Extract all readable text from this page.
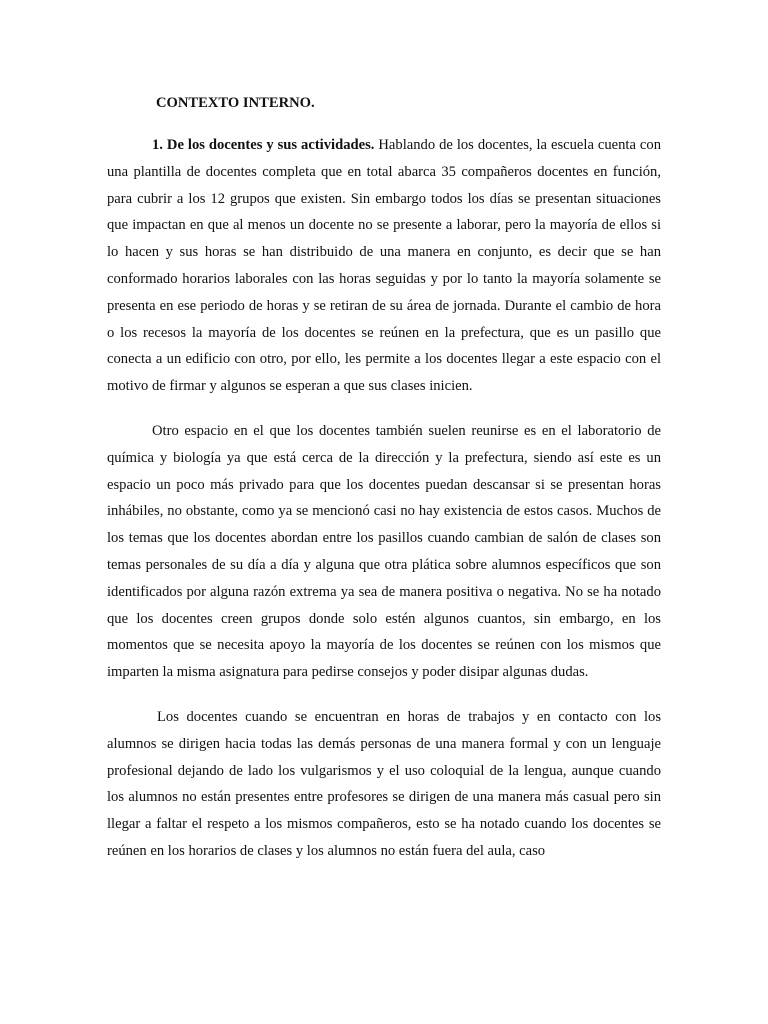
CONTEXTO INTERNO.

1. De los docentes y sus actividades. Hablando de los docentes, la escuela cuenta con una plantilla de docentes completa que en total abarca 35 compañeros docentes en función, para cubrir a los 12 grupos que existen. Sin embargo todos los días se presentan situaciones que impactan en que al menos un docente no se presente a laborar, pero la mayoría de ellos si lo hacen y sus horas se han distribuido de una manera en conjunto, es decir que se han conformado horarios laborales con las horas seguidas y por lo tanto la mayoría solamente se presenta en ese periodo de horas y se retiran de su área de jornada. Durante el cambio de hora o los recesos la mayoría de los docentes se reúnen en la prefectura, que es un pasillo que conecta a un edificio con otro, por ello, les permite a los docentes llegar a este espacio con el motivo de firmar y algunos se esperan a que sus clases inicien.

Otro espacio en el que los docentes también suelen reunirse es en el laboratorio de química y biología ya que está cerca de la dirección y la prefectura, siendo así este es un espacio un poco más privado para que los docentes puedan descansar si se presentan horas inhábiles, no obstante, como ya se mencionó casi no hay existencia de estos casos. Muchos de los temas que los docentes abordan entre los pasillos cuando cambian de salón de clases son temas personales de su día a día y alguna que otra plática sobre alumnos específicos que son identificados por alguna razón extrema ya sea de manera positiva o negativa. No se ha notado que los docentes creen grupos donde solo estén algunos cuantos, sin embargo, en los momentos que se necesita apoyo la mayoría de los docentes se reúnen con los mismos que imparten la misma asignatura para pedirse consejos y poder disipar algunas dudas.

Los docentes cuando se encuentran en horas de trabajos y en contacto con los alumnos se dirigen hacia todas las demás personas de una manera formal y con un lenguaje profesional dejando de lado los vulgarismos y el uso coloquial de la lengua, aunque cuando los alumnos no están presentes entre profesores se dirigen de una manera más casual pero sin llegar a faltar el respeto a los mismos compañeros, esto se ha notado cuando los docentes se reúnen en los horarios de clases y los alumnos no están fuera del aula, caso
